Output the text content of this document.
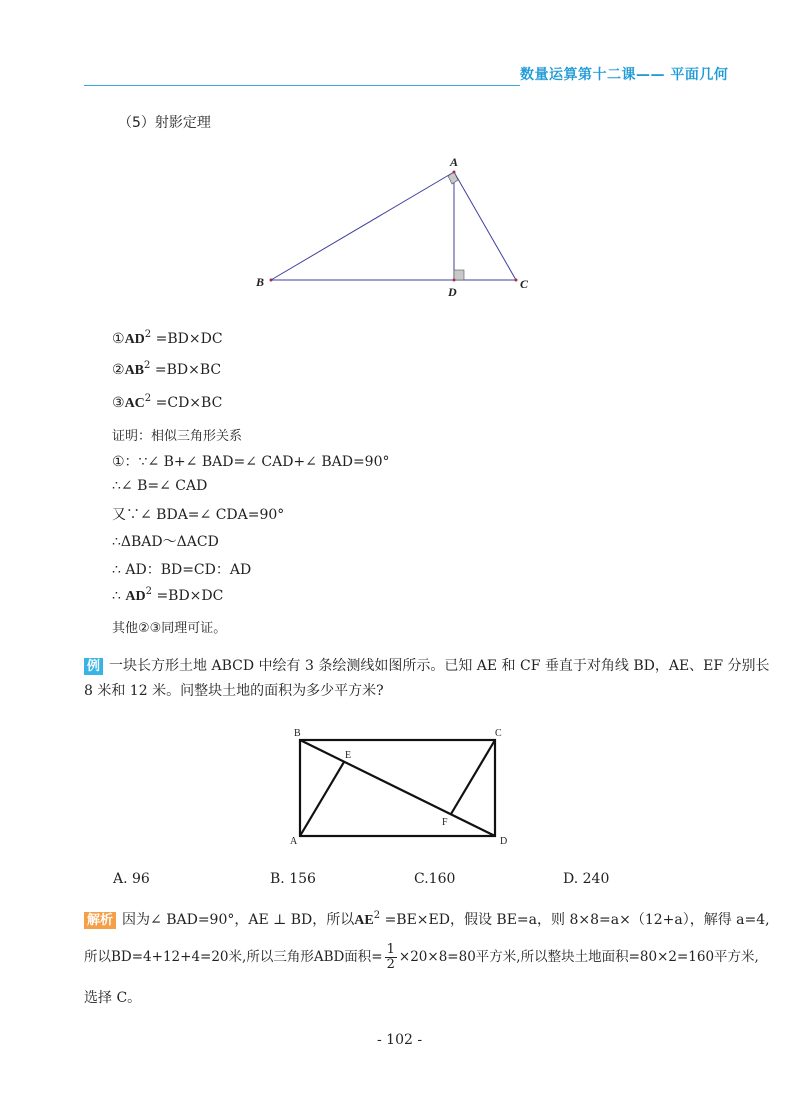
数量运算第十二课—— 平面几何
（5）射影定理
A
B	C
D
$①AD^2 =BD\times DC$
$②AB^2 =BD\times BC$
$③AC^2 =CD\times BC$
证明：相似三角形关系
①：∵∠ B+∠ BAD=∠ CAD+∠ BAD=90°
∴∠ B=∠ CAD
又∵∠ BDA=∠ CDA=90°
∴ΔBAD～ΔACD
∴ AD：BD=CD：AD
∴ $AD^2 =BD\times DC$
其他②③同理可证。
例 一块长方形土地 ABCD 中绘有 3 条绘测线如图所示。已知 AE 和 CF 垂直于对角线 BD，AE、EF 分别长
8 米和 12 米。问整块土地的面积为多少平方米?
B	C
A	D
E
F
A. 96	B. 156	C.160	D. 240
解析 因为∠ BAD=90°，AE ⊥ BD，所以$AE^2 =BE\times ED$，假设 BE=a，则 8×8=a×（12+a），解得 a=4,
所以BD=4+12+4=20米,所以三角形ABD面积= $\frac{1}{2} \times 20\times 8=80$平方米,所以整块土地面积=80×2=160平方米,
选择 C。
- 102 -
